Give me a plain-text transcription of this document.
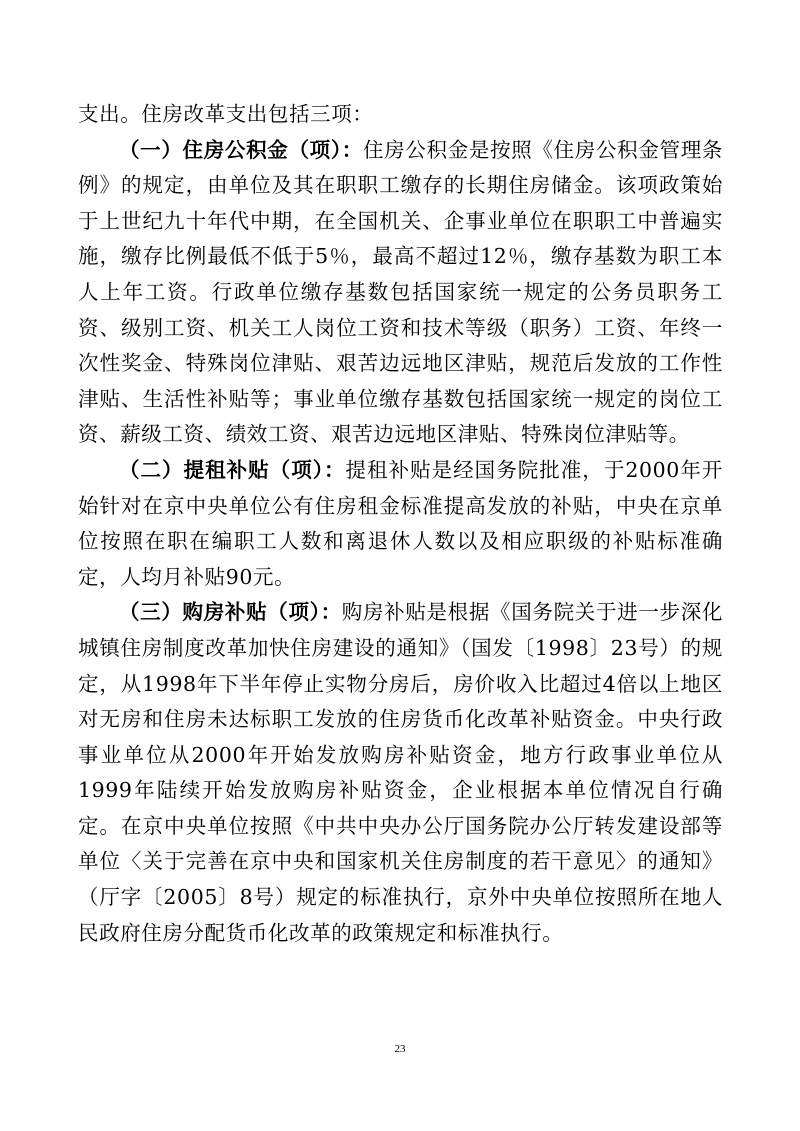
支出。住房改革支出包括三项：

（一）住房公积金（项）：住房公积金是按照《住房公积金管理条例》的规定，由单位及其在职职工缴存的长期住房储金。该项政策始于上世纪九十年代中期，在全国机关、企事业单位在职职工中普遍实施，缴存比例最低不低于5％，最高不超过12％，缴存基数为职工本人上年工资。行政单位缴存基数包括国家统一规定的公务员职务工资、级别工资、机关工人岗位工资和技术等级（职务）工资、年终一次性奖金、特殊岗位津贴、艰苦边远地区津贴，规范后发放的工作性津贴、生活性补贴等；事业单位缴存基数包括国家统一规定的岗位工资、薪级工资、绩效工资、艰苦边远地区津贴、特殊岗位津贴等。

（二）提租补贴（项）：提租补贴是经国务院批准，于2000年开始针对在京中央单位公有住房租金标准提高发放的补贴，中央在京单位按照在职在编职工人数和离退休人数以及相应职级的补贴标准确定，人均月补贴90元。

（三）购房补贴（项）：购房补贴是根据《国务院关于进一步深化城镇住房制度改革加快住房建设的通知》（国发〔1998〕23号）的规定，从1998年下半年停止实物分房后，房价收入比超过4倍以上地区对无房和住房未达标职工发放的住房货币化改革补贴资金。中央行政事业单位从2000年开始发放购房补贴资金，地方行政事业单位从1999年陆续开始发放购房补贴资金，企业根据本单位情况自行确定。在京中央单位按照《中共中央办公厅国务院办公厅转发建设部等单位〈关于完善在京中央和国家机关住房制度的若干意见〉的通知》（厅字〔2005〕8号）规定的标准执行，京外中央单位按照所在地人民政府住房分配货币化改革的政策规定和标准执行。

23
